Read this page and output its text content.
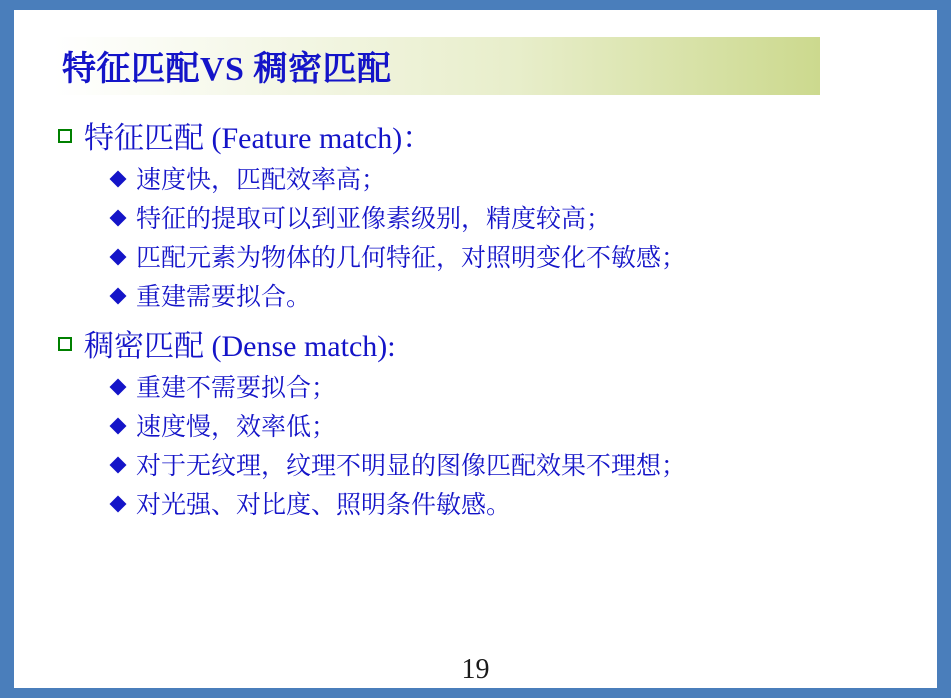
特征匹配VS 稠密匹配
特征匹配 (Feature match)：
速度快，匹配效率高；
特征的提取可以到亚像素级别，精度较高；
匹配元素为物体的几何特征，对照明变化不敏感；
重建需要拟合。
稠密匹配 (Dense match):
重建不需要拟合；
速度慢，效率低；
对于无纹理，纹理不明显的图像匹配效果不理想；
对光强、对比度、照明条件敏感。
19
